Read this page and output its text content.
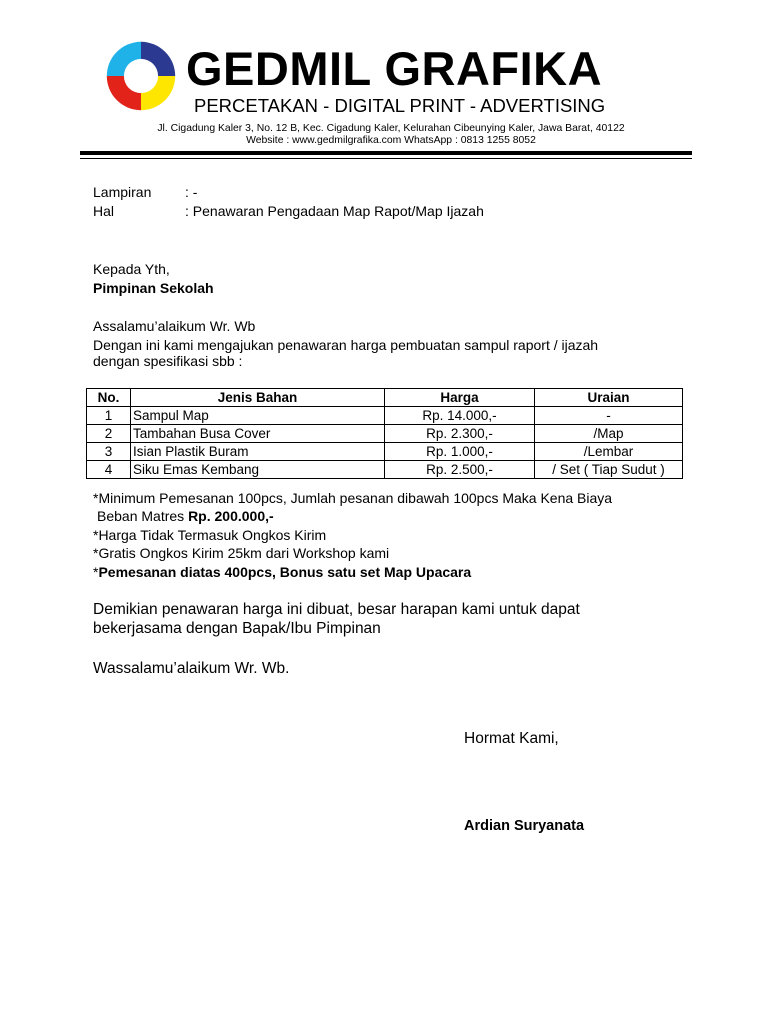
GEDMIL GRAFIKA
PERCETAKAN - DIGITAL PRINT - ADVERTISING
Jl. Cigadung Kaler 3, No. 12 B, Kec. Cigadung Kaler, Kelurahan Cibeunying Kaler, Jawa Barat, 40122
Website : www.gedmilgrafika.com WhatsApp : 0813 1255 8052
Lampiran : -
Hal	: Penawaran Pengadaan Map Rapot/Map Ijazah
Kepada Yth,
Pimpinan Sekolah
Assalamu’alaikum Wr. Wb
Dengan ini kami mengajukan penawaran harga pembuatan sampul raport / ijazah
dengan spesifikasi sbb :
No.	Jenis Bahan	Harga	Uraian
1	Sampul Map	Rp. 14.000,-	-
2	Tambahan Busa Cover	Rp. 2.300,-	/Map
3	Isian Plastik Buram	Rp. 1.000,-	/Lembar
4	Siku Emas Kembang	Rp. 2.500,-	/ Set ( Tiap Sudut )
*Minimum Pemesanan 100pcs, Jumlah pesanan dibawah 100pcs Maka Kena Biaya
Beban Matres Rp. 200.000,-
*Harga Tidak Termasuk Ongkos Kirim
*Gratis Ongkos Kirim 25km dari Workshop kami
*Pemesanan diatas 400pcs, Bonus satu set Map Upacara
Demikian penawaran harga ini dibuat, besar harapan kami untuk dapat
bekerjasama dengan Bapak/Ibu Pimpinan
Wassalamu’alaikum Wr. Wb.
Hormat Kami,
Ardian Suryanata
